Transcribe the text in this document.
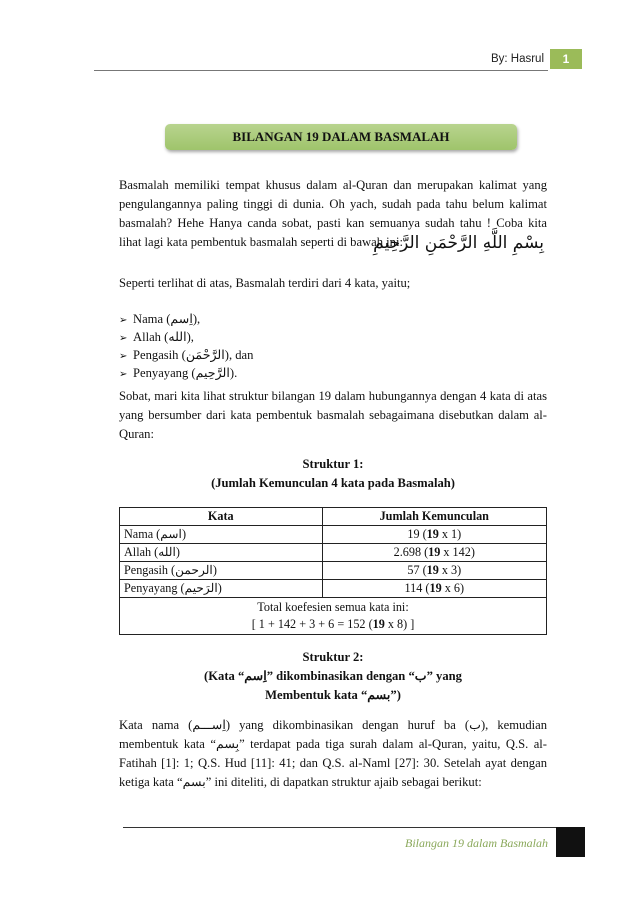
By: Hasrul	1
BILANGAN 19 DALAM BASMALAH

Basmalah memiliki tempat khusus dalam al-Quran dan merupakan kalimat yang pengulangannya paling tinggi di dunia. Oh yach, sudah pada tahu belum kalimat basmalah? Hehe Hanya canda sobat, pasti kan semuanya sudah tahu ! Coba kita lihat lagi kata pembentuk basmalah seperti di bawah ini:

بِسْمِ اللَّهِ الرَّحْمَنِ الرَّحِيمِ

Seperti terlihat di atas, Basmalah terdiri dari 4 kata, yaitu;

➢ Nama (اِسم),
➢ Allah (الله),
➢ Pengasih (الرَّحْمَن), dan
➢ Penyayang (الرَّحِيم).

Sobat, mari kita lihat struktur bilangan 19 dalam hubungannya dengan 4 kata di atas yang bersumber dari kata pembentuk basmalah sebagaimana disebutkan dalam al-Quran:

Struktur 1:
(Jumlah Kemunculan 4 kata pada Basmalah)
Kata	Jumlah Kemunculan
Nama (اسم)	19 (19 x 1)
Allah (الله)	2.698 (19 x 142)
Pengasih (الرحمن)	57 (19 x 3)
Penyayang (الرَحيم)	114 (19 x 6)

Total koefesien semua kata ini:
[ 1 + 142 + 3 + 6 = 152 (19 x 8) ]	
Struktur 2:
(Kata “اِسم” dikombinasikan dengan “ب” yang
Membentuk kata “بسم”)

Kata nama (اِســـم) yang dikombinasikan dengan huruf ba (ب), kemudian membentuk kata “بِسم” terdapat pada tiga surah dalam al-Quran, yaitu, Q.S. al-Fatihah [1]: 1; Q.S. Hud [11]: 41; dan Q.S. al-Naml [27]: 30. Setelah ayat dengan ketiga kata “بسم” ini diteliti, di dapatkan struktur ajaib sebagai berikut:

Bilangan 19 dalam Basmalah
